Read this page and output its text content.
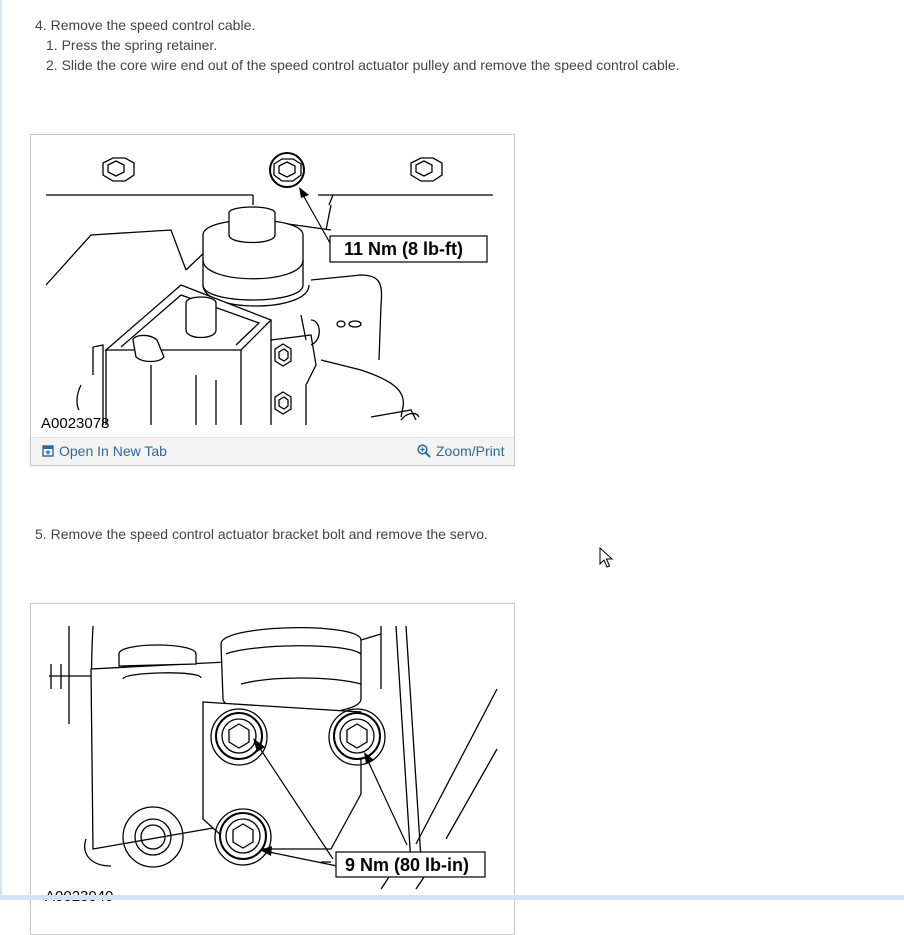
4. Remove the speed control cable.
1. Press the spring retainer.
2. Slide the core wire end out of the speed control actuator pulley and remove the speed control cable.
11 Nm (8 lb-ft)
A0023078
Open In New Tab	Zoom/Print
5. Remove the speed control actuator bracket bolt and remove the servo.
9 Nm (80 lb-in)
